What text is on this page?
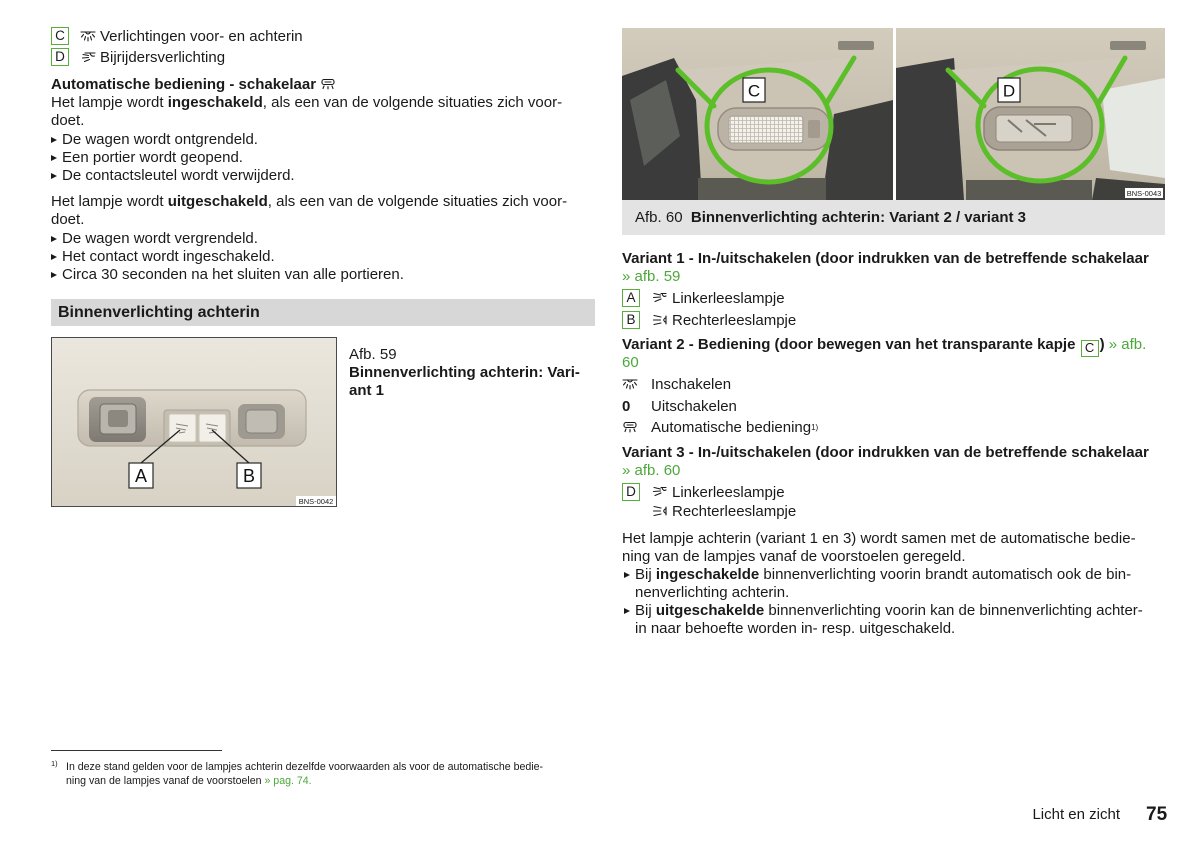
C Verlichtingen voor- en achterin
D Bijrijdersverlichting
Automatische bediening - schakelaar
Het lampje wordt ingeschakeld, als een van de volgende situaties zich voor-
doet.
De wagen wordt ontgrendeld.
Een portier wordt geopend.
De contactsleutel wordt verwijderd.
Het lampje wordt uitgeschakeld, als een van de volgende situaties zich voor-
doet.
De wagen wordt vergrendeld.
Het contact wordt ingeschakeld.
Circa 30 seconden na het sluiten van alle portieren.
Binnenverlichting achterin
A	B
BNS-0042
Afb. 59
Binnenverlichting achterin: Vari-
ant 1
C	D
BNS-0043
Afb. 60 Binnenverlichting achterin: Variant 2 / variant 3
Variant 1 - In-/uitschakelen (door indrukken van de betreffende schakelaar
» afb. 59
A	Linkerleeslampje
B	Rechterleeslampje
Variant 2 - Bediening (door bewegen van het transparante kapje C ) » afb.
60
Inschakelen
0	Uitschakelen
Automatische bediening 1)
Variant 3 - In-/uitschakelen (door indrukken van de betreffende schakelaar
» afb. 60
D Linkerleeslampje
Rechterleeslampje
Het lampje achterin (variant 1 en 3) wordt samen met de automatische bedie-
ning van de lampjes vanaf de voorstoelen geregeld.
Bij ingeschakelde binnenverlichting voorin brandt automatisch ook de bin-
nenverlichting achterin.
Bij uitgeschakelde binnenverlichting voorin kan de binnenverlichting achter-
in naar behoefte worden in- resp. uitgeschakeld.
1) In deze stand gelden voor de lampjes achterin dezelfde voorwaarden als voor de automatische bedie-
ning van de lampjes vanaf de voorstoelen » pag. 74.
Licht en zicht 75
